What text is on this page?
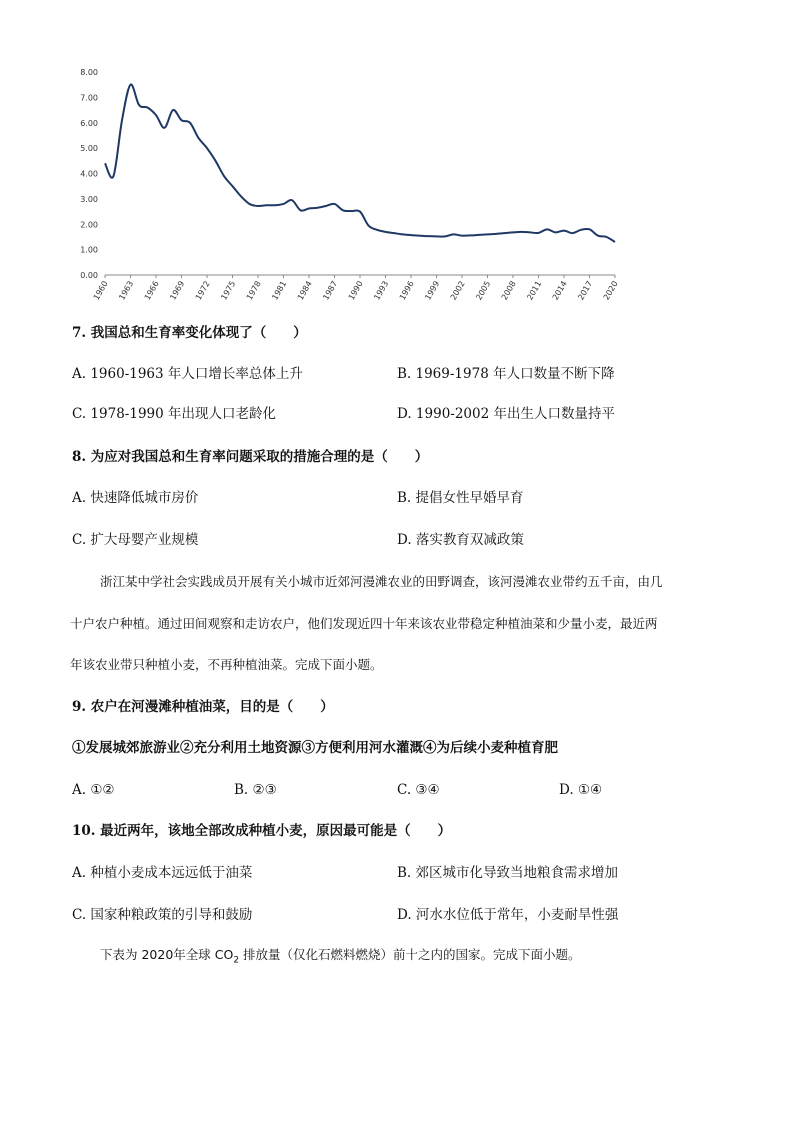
0.00
1.00
2.00
3.00
4.00
5.00
6.00
7.00
8.00
1960 1963 1966 1969 1972 1975 1978 1981 1984 1987 1990 1993 1996 1999 2002 2005 2008 2011 2014 2017 2020
7. 我国总和生育率变化体现了（　　）
A. 1960-1963 年人口增长率总体上升	B. 1969-1978 年人口数量不断下降
C. 1978-1990 年出现人口老龄化	D. 1990-2002 年出生人口数量持平
8. 为应对我国总和生育率问题采取的措施合理的是（　　）
A. 快速降低城市房价	B. 提倡女性早婚早育
C. 扩大母婴产业规模	D. 落实教育双减政策
浙江某中学社会实践成员开展有关小城市近郊河漫滩农业的田野调查，该河漫滩农业带约五千亩，由几
十户农户种植。通过田间观察和走访农户，他们发现近四十年来该农业带稳定种植油菜和少量小麦，最近两
年该农业带只种植小麦，不再种植油菜。完成下面小题。
9. 农户在河漫滩种植油菜，目的是（　　）
①发展城郊旅游业②充分利用土地资源③方便利用河水灌溉④为后续小麦种植育肥
A. ①②	B. ②③	C. ③④	D. ①④
10. 最近两年，该地全部改成种植小麦，原因最可能是（　　）
A. 种植小麦成本远远低于油菜	B. 郊区城市化导致当地粮食需求增加
C. 国家种粮政策的引导和鼓励	D. 河水水位低于常年，小麦耐旱性强
下表为 2020年全球 $CO_2$ 排放量（仅化石燃料燃烧）前十之内的国家。完成下面小题。
